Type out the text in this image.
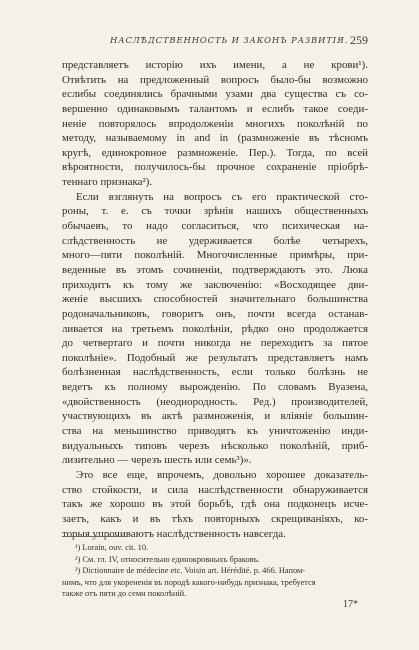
НАСЛѢДСТВЕННОСТЬ И ЗАКОНЪ РАЗВИТІЯ. 259
представляетъ исторію ихъ имени, а не крови¹).
Отвѣтить на предложенный вопросъ было-бы возможно
еслибы соединялись брачными узами два существа съ со-
вершенно одинаковымъ талантомъ и еслибъ такое соеди-
неніе повторялось впродолженіи многихъ поколѣній по
методу, называемому in and in (размноженіе въ тѣсномъ
кругѣ, единокровное размноженіе. Пер.). Тогда, по всей
вѣроятности, получилось-бы прочное сохраненіе пріобрѣ-
теннаго признака²).
Если взглянуть на вопросъ съ его практической сто-
роны, т. е. съ точки зрѣнія нашихъ общественныхъ
обычаевъ, то надо согласиться, что психическая на-
слѣдственность не удерживается болѣе четырехъ,
много—пяти поколѣній. Многочисленные примѣры, при-
веденные въ этомъ сочиненіи, подтверждаютъ это. Люка
приходитъ къ тому же заключенію: «Восходящее дви-
женіе высшихъ способностей значительнаго большинства
родоначальниковъ, говоритъ онъ, почти всегда останав-
ливается на третьемъ поколѣніи, рѣдко оно продолжается
до четвертаго и почти никогда не переходитъ за пятое
поколѣніе». Подобный же результатъ представляетъ намъ
болѣзненная наслѣдственность, если только болѣзнь не
ведетъ къ полному вырожденію. По словамъ Вуазена,
«двойственность (неоднородность. Ред.) производителей,
участвующихъ въ актѣ размноженія, и вліяніе большин-
ства на меньшинство приводятъ къ уничтоженію инди-
видуальныхъ типовъ черезъ нѣсколько поколѣній, приб-
лизительно — черезъ шесть или семь³)».
Это все еще, впрочемъ, довольно хорошее доказатель-
ство стойкости, и сила наслѣдственности обнаруживается
такъ же хорошо въ этой борьбѣ, гдѣ она подконецъ исче-
заетъ, какъ и въ тѣхъ повторныхъ скрещиваніяхъ, ко-
торыя упрочиваютъ наслѣдственность навсегда.
¹) Lorain, ouv. cit. 10.
²) См. гл. IV, относительно единокровныхъ браковъ.
³) Dictionnaire de médecine etc. Voisin art. Hérédité. p. 466. Напом-
нимъ, что для укорененія въ породѣ какого-нибудь признака, требуется
также отъ пяти до семи поколѣній.
17*
